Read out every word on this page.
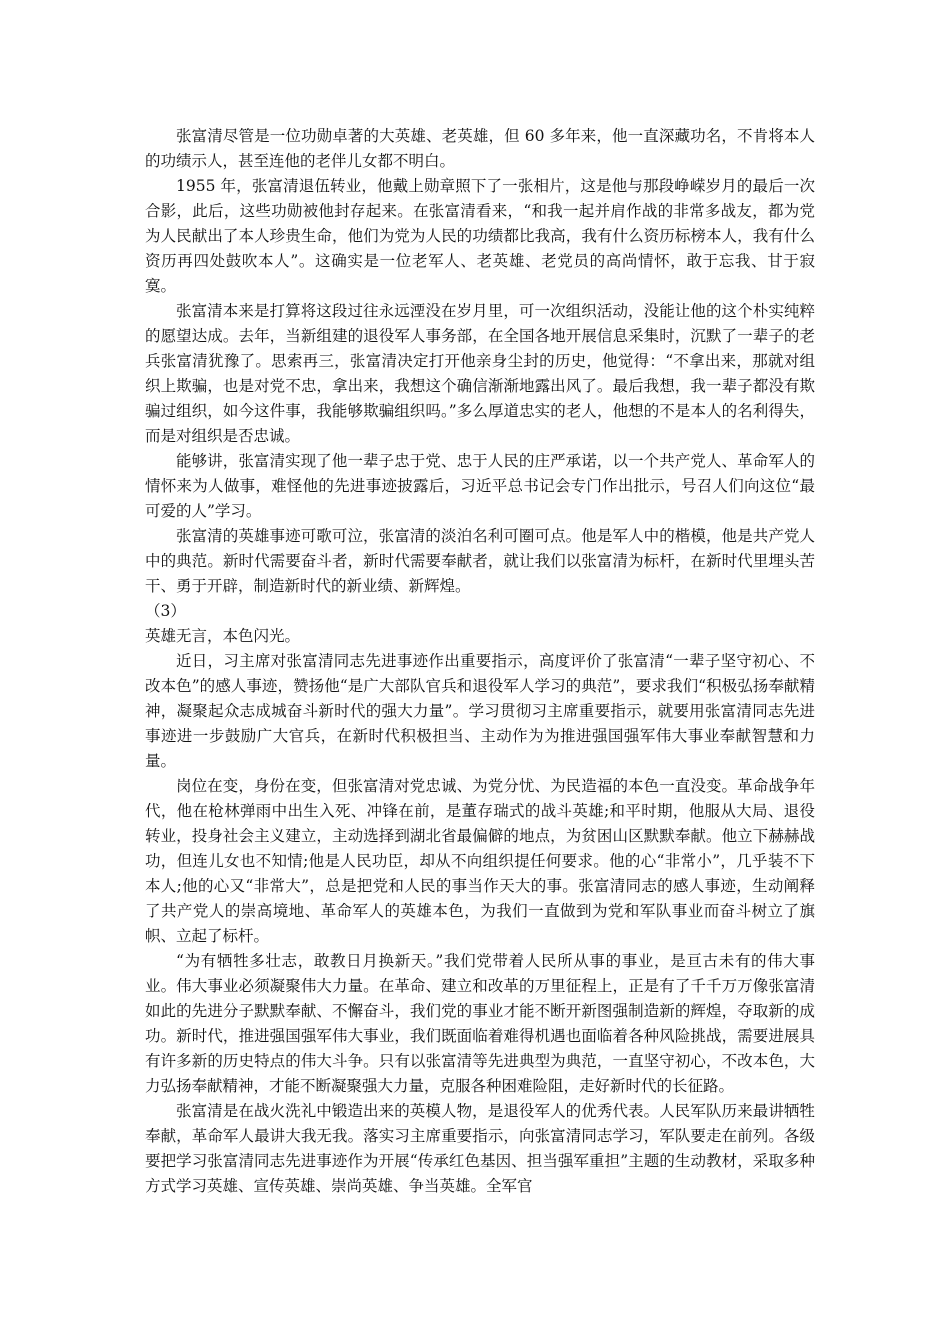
张富清尽管是一位功勋卓著的大英雄、老英雄，但 60 多年来，他一直深藏功名，不肯将本人的功绩示人，甚至连他的老伴儿女都不明白。

1955 年，张富清退伍转业，他戴上勋章照下了一张相片，这是他与那段峥嵘岁月的最后一次合影，此后，这些功勋被他封存起来。在张富清看来，“和我一起并肩作战的非常多战友，都为党为人民献出了本人珍贵生命，他们为党为人民的功绩都比我高，我有什么资历标榜本人，我有什么资历再四处鼓吹本人”。这确实是一位老军人、老英雄、老党员的高尚情怀，敢于忘我、甘于寂寞。

张富清本来是打算将这段过往永远湮没在岁月里，可一次组织活动，没能让他的这个朴实纯粹的愿望达成。去年，当新组建的退役军人事务部，在全国各地开展信息采集时，沉默了一辈子的老兵张富清犹豫了。思索再三，张富清决定打开他亲身尘封的历史，他觉得：“不拿出来，那就对组织上欺骗，也是对党不忠，拿出来，我想这个确信渐渐地露出风了。最后我想，我一辈子都没有欺骗过组织，如今这件事，我能够欺骗组织吗。”多么厚道忠实的老人，他想的不是本人的名利得失，而是对组织是否忠诚。

能够讲，张富清实现了他一辈子忠于党、忠于人民的庄严承诺，以一个共产党人、革命军人的情怀来为人做事，难怪他的先进事迹披露后，习近平总书记会专门作出批示，号召人们向这位“最可爱的人”学习。

张富清的英雄事迹可歌可泣，张富清的淡泊名利可圈可点。他是军人中的楷模，他是共产党人中的典范。新时代需要奋斗者，新时代需要奉献者，就让我们以张富清为标杆，在新时代里埋头苦干、勇于开辟，制造新时代的新业绩、新辉煌。

（3）

英雄无言，本色闪光。

近日，习主席对张富清同志先进事迹作出重要指示，高度评价了张富清“一辈子坚守初心、不改本色”的感人事迹，赞扬他“是广大部队官兵和退役军人学习的典范”，要求我们“积极弘扬奉献精神，凝聚起众志成城奋斗新时代的强大力量”。学习贯彻习主席重要指示，就要用张富清同志先进事迹进一步鼓励广大官兵，在新时代积极担当、主动作为为推进强国强军伟大事业奉献智慧和力量。

岗位在变，身份在变，但张富清对党忠诚、为党分忧、为民造福的本色一直没变。革命战争年代，他在枪林弹雨中出生入死、冲锋在前，是董存瑞式的战斗英雄;和平时期，他服从大局、退役转业，投身社会主义建立，主动选择到湖北省最偏僻的地点，为贫困山区默默奉献。他立下赫赫战功，但连儿女也不知情;他是人民功臣，却从不向组织提任何要求。他的心“非常小”，几乎装不下本人;他的心又“非常大”，总是把党和人民的事当作天大的事。张富清同志的感人事迹，生动阐释了共产党人的崇高境地、革命军人的英雄本色，为我们一直做到为党和军队事业而奋斗树立了旗帜、立起了标杆。

“为有牺牲多壮志，敢教日月换新天。”我们党带着人民所从事的事业，是亘古未有的伟大事业。伟大事业必须凝聚伟大力量。在革命、建立和改革的万里征程上，正是有了千千万万像张富清如此的先进分子默默奉献、不懈奋斗，我们党的事业才能不断开新图强制造新的辉煌，夺取新的成功。新时代，推进强国强军伟大事业，我们既面临着难得机遇也面临着各种风险挑战，需要进展具有许多新的历史特点的伟大斗争。只有以张富清等先进典型为典范，一直坚守初心，不改本色，大力弘扬奉献精神，才能不断凝聚强大力量，克服各种困难险阻，走好新时代的长征路。

张富清是在战火洗礼中锻造出来的英模人物，是退役军人的优秀代表。人民军队历来最讲牺牲奉献，革命军人最讲大我无我。落实习主席重要指示，向张富清同志学习，军队要走在前列。各级要把学习张富清同志先进事迹作为开展“传承红色基因、担当强军重担”主题的生动教材，采取多种方式学习英雄、宣传英雄、崇尚英雄、争当英雄。全军官
